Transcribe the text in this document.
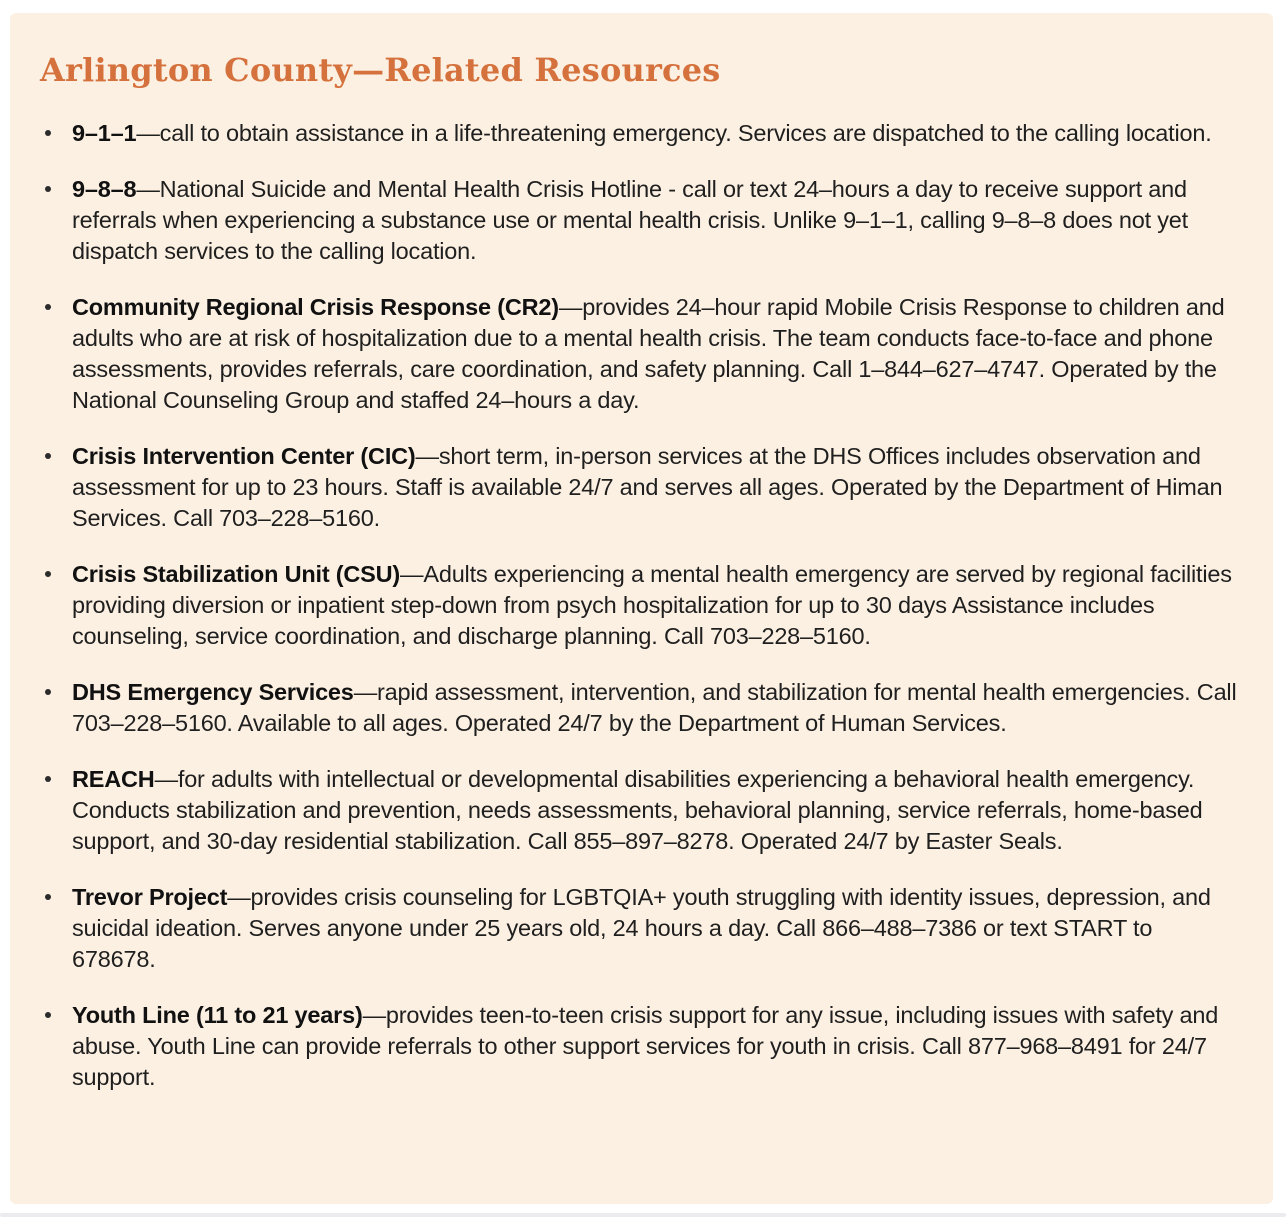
Arlington County—Related Resources

9–1–1—call to obtain assistance in a life-threatening emergency. Services are dispatched to the calling location.

9–8–8—National Suicide and Mental Health Crisis Hotline - call or text 24–hours a day to receive support and referrals when experiencing a substance use or mental health crisis. Unlike 9–1–1, calling 9–8–8 does not yet dispatch services to the calling location.

Community Regional Crisis Response (CR2)—provides 24–hour rapid Mobile Crisis Response to children and adults who are at risk of hospitalization due to a mental health crisis. The team conducts face-to-face and phone assessments, provides referrals, care coordination, and safety planning. Call 1–844–627–4747. Operated by the National Counseling Group and staffed 24–hours a day.

Crisis Intervention Center (CIC)—short term, in-person services at the DHS Offices includes observation and assessment for up to 23 hours. Staff is available 24/7 and serves all ages. Operated by the Department of Himan Services. Call 703–228–5160.

Crisis Stabilization Unit (CSU)—Adults experiencing a mental health emergency are served by regional facilities providing diversion or inpatient step-down from psych hospitalization for up to 30 days Assistance includes counseling, service coordination, and discharge planning. Call 703–228–5160.

DHS Emergency Services—rapid assessment, intervention, and stabilization for mental health emergencies. Call 703–228–5160. Available to all ages. Operated 24/7 by the Department of Human Services.

REACH—for adults with intellectual or developmental disabilities experiencing a behavioral health emergency. Conducts stabilization and prevention, needs assessments, behavioral planning, service referrals, home-based support, and 30-day residential stabilization. Call 855–897–8278. Operated 24/7 by Easter Seals.

Trevor Project—provides crisis counseling for LGBTQIA+ youth struggling with identity issues, depression, and suicidal ideation. Serves anyone under 25 years old, 24 hours a day. Call 866–488–7386 or text START to 678678.

Youth Line (11 to 21 years)—provides teen-to-teen crisis support for any issue, including issues with safety and abuse. Youth Line can provide referrals to other support services for youth in crisis. Call 877–968–8491 for 24/7 support.
